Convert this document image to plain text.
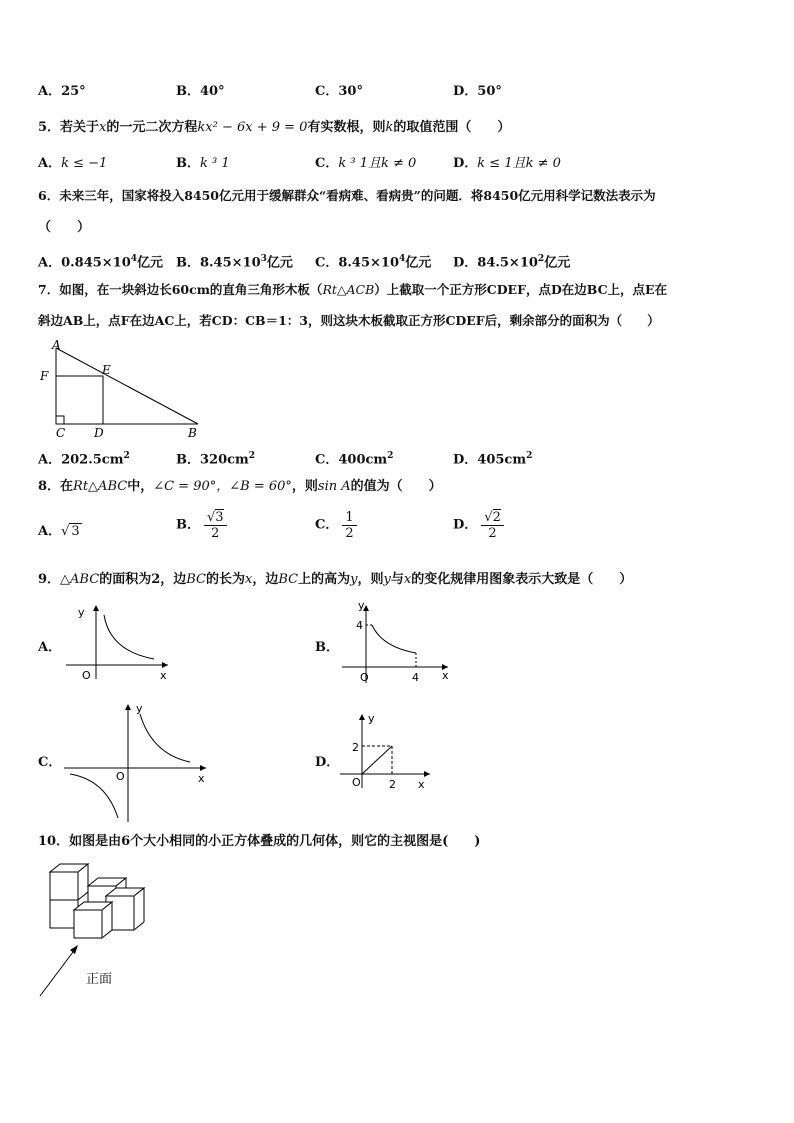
A．25°	B．40°	C．30°	D．50°
5．若关于x的一元二次方程kx² − 6x + 9 = 0有实数根，则k的取值范围（　　）
A．k ≤ −1	B．k ³ 1	C．k ³ 1且k ≠ 0	D．k ≤ 1且k ≠ 0
6．未来三年，国家将投入8450亿元用于缓解群众“看病难、看病贵”的问题．将8450亿元用科学记数法表示为
（　　）
A．$0.845\times 10^4$亿元 B．$8.45\times 10^3$亿元 C．$8.45\times 10^4$亿元 D．$84.5\times 10^2$亿元
7．如图，在一块斜边长60cm的直角三角形木板（Rt△ACB）上截取一个正方形CDEF，点D在边BC上，点E在
斜边AB上，点F在边AC上，若CD：CB＝1：3，则这块木板截取正方形CDEF后，剩余部分的面积为（　　）
A
F	E
C D	B
A．$202.5cm^2$	B．$320cm^2$	C．$400cm^2$	D．$405cm^2$
8．在Rt△ABC中，∠C = 90°，∠B = 60°，则sin A的值为（　　）
A．√ 3	B． $\frac{√3}{2}$	C． $\frac{1}{2}$	D． $\frac{√2}{2}$
9．△ABC的面积为2，边BC的长为x，边BC上的高为y，则y与x的变化规律用图象表示大致是（　　）
A．
y
O	x
B．
y
4
O	4 x
C．
y
O	x
D．
y
2
O	2 x
10．如图是由6个大小相同的小正方体叠成的几何体，则它的主视图是(　　)
正面
